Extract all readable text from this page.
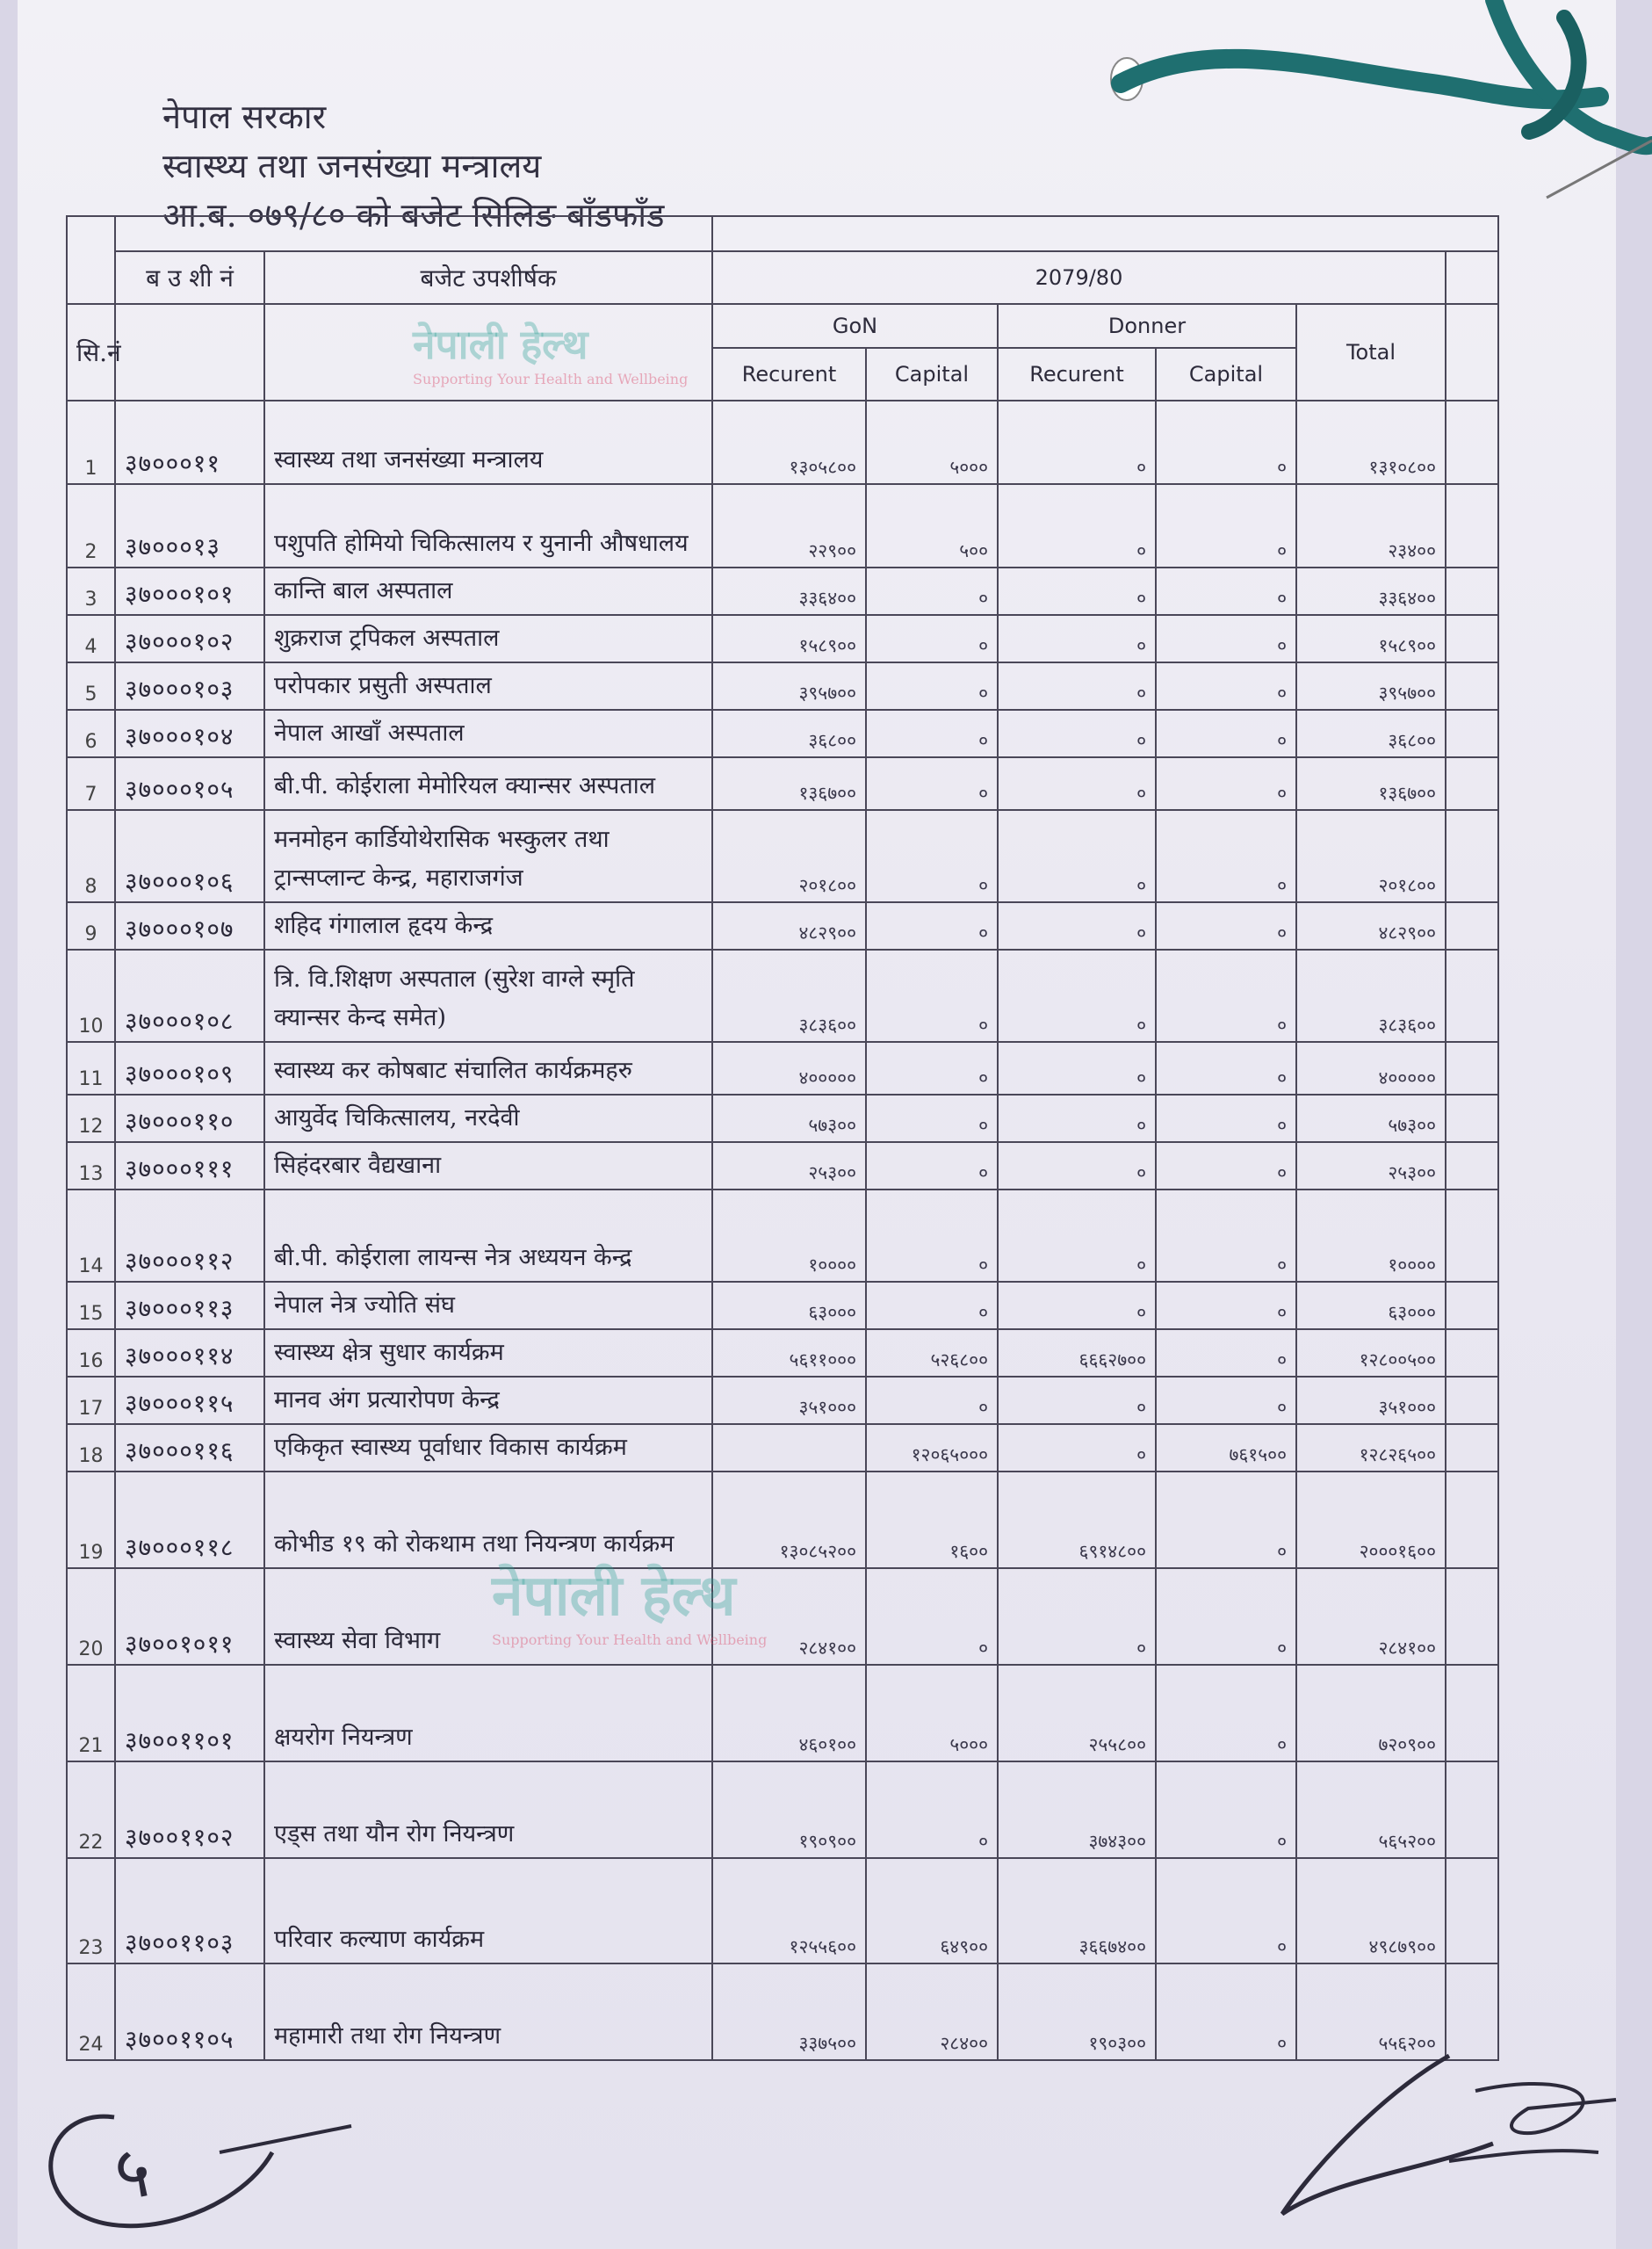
नेपाल सरकार
स्वास्थ्य तथा जनसंख्या मन्त्रालय
आ.ब. ०७९/८० को बजेट सिलिङ बाँडफाँड

	ब उ शी नं	बजेट उपशीर्षक	2079/80					
सि.नं			GoN		Donner		Total	
			Recurent	Capital	Recurent	Capital		
1	३७०००११	स्वास्थ्य तथा जनसंख्या मन्त्रालय	१३०५८००	५०००	०	०	१३१०८००	
2	३७०००१३	पशुपति होमियो चिकित्सालय र युनानी औषधालय	२२९००	५००	०	०	२३४००	
3	३७०००१०१	कान्ति बाल अस्पताल	३३६४००	०	०	०	३३६४००	
4	३७०००१०२	शुक्रराज ट्रपिकल अस्पताल	१५८९००	०	०	०	१५८९००	
5	३७०००१०३	परोपकार प्रसुती अस्पताल	३९५७००	०	०	०	३९५७००	
6	३७०००१०४	नेपाल आखाँ अस्पताल	३६८००	०	०	०	३६८००	
7	३७०००१०५	बी.पी. कोईराला मेमोरियल क्यान्सर अस्पताल	१३६७००	०	०	०	१३६७००	
8	३७०००१०६	मनमोहन कार्डियोथेरासिक भस्कुलर तथा ट्रान्सप्लान्ट केन्द्र, महाराजगंज	२०१८००	०	०	०	२०१८००	
9	३७०००१०७	शहिद गंगालाल हृदय केन्द्र	४८२९००	०	०	०	४८२९००	
10	३७०००१०८	त्रि. वि.शिक्षण अस्पताल (सुरेश वाग्ले स्मृति क्यान्सर केन्द समेत)	३८३६००	०	०	०	३८३६००	
11	३७०००१०९	स्वास्थ्य कर कोषबाट संचालित कार्यक्रमहरु	४०००००	०	०	०	४०००००	
12	३७०००११०	आयुर्वेद चिकित्सालय, नरदेवी	५७३००	०	०	०	५७३००	
13	३७०००१११	सिहंदरबार वैद्यखाना	२५३००	०	०	०	२५३००	
14	३७०००११२	बी.पी. कोईराला लायन्स नेत्र अध्ययन केन्द्र	१००००	०	०	०	१००००	
15	३७०००११३	नेपाल नेत्र ज्योति संघ	६३०००	०	०	०	६३०००	
16	३७०००११४	स्वास्थ्य क्षेत्र सुधार कार्यक्रम	५६११०००	५२६८००	६६६२७००	०	१२८००५००	
17	३७०००११५	मानव अंग प्रत्यारोपण केन्द्र	३५१०००	०	०	०	३५१०००	
18	३७०००११६	एकिकृत स्वास्थ्य पूर्वाधार विकास कार्यक्रम		१२०६५०००	०	७६१५००	१२८२६५००	
19	३७०००११८	कोभीड १९ को रोकथाम तथा नियन्त्रण कार्यक्रम	१३०८५२००	१६००	६९१४८००	०	२०००१६००	
20	३७००१०११	स्वास्थ्य सेवा विभाग	२८४१००	०	०	०	२८४१००	
21	३७००११०१	क्षयरोग नियन्त्रण	४६०१००	५०००	२५५८००	०	७२०९००	
22	३७००११०२	एड्स तथा यौन रोग नियन्त्रण	१९०९००	०	३७४३००	०	५६५२००	
23	३७००११०३	परिवार कल्याण कार्यक्रम	१२५५६००	६४९००	३६६७४००	०	४९८७९००	
24	३७००११०५	महामारी तथा रोग नियन्त्रण	३३७५००	२८४००	१९०३००	०	५५६२००	
नेपाली हेल्थ
Supporting Your Health and Wellbeing
नेपाली हेल्थ
Supporting Your Health and Wellbeing
५
